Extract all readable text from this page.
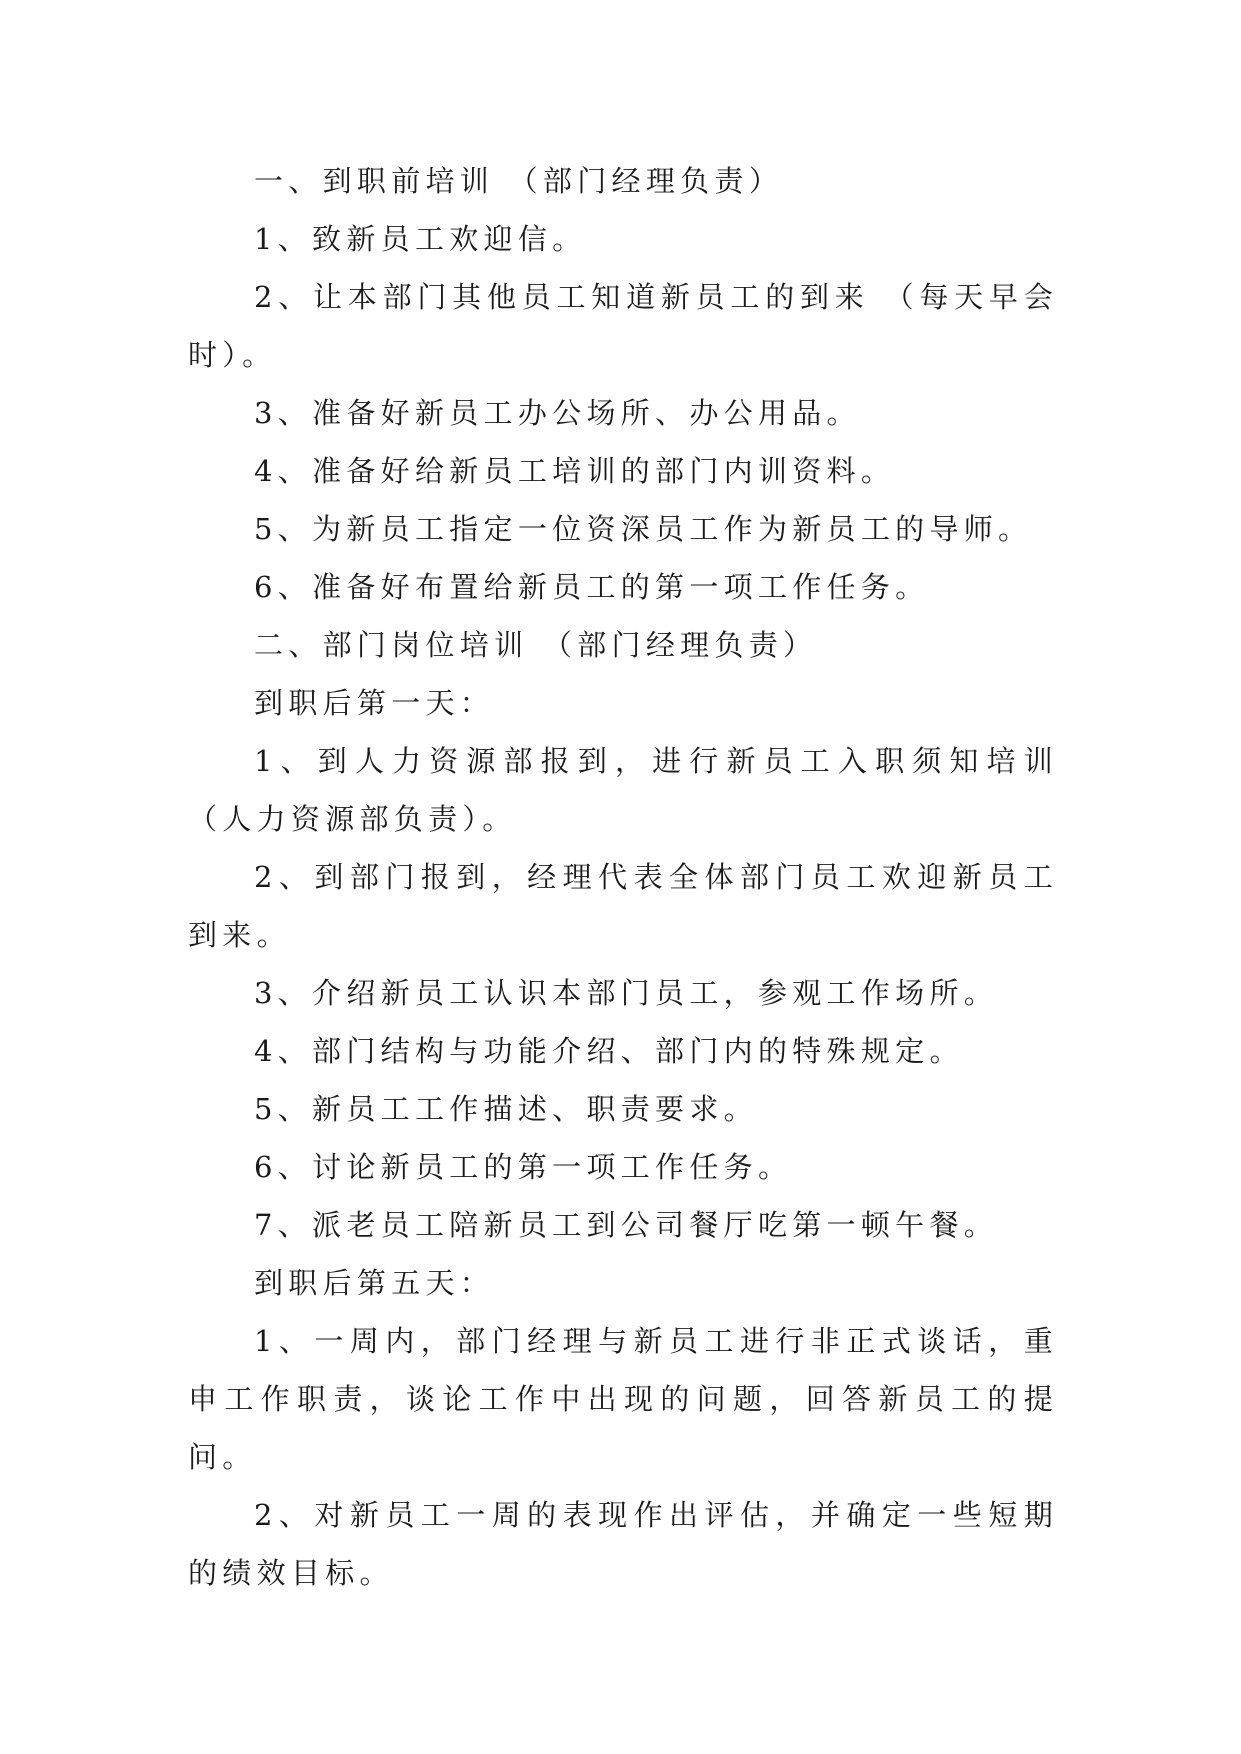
一、到职前培训 （部门经理负责）

1、致新员工欢迎信。

2、让本部门其他员工知道新员工的到来 （每天早会时）。

3、准备好新员工办公场所、办公用品。

4、准备好给新员工培训的部门内训资料。

5、为新员工指定一位资深员工作为新员工的导师。

6、准备好布置给新员工的第一项工作任务。

二、部门岗位培训 （部门经理负责）

到职后第一天：

1、到人力资源部报到，进行新员工入职须知培训（人力资源部负责）。

2、到部门报到，经理代表全体部门员工欢迎新员工到来。

3、介绍新员工认识本部门员工，参观工作场所。

4、部门结构与功能介绍、部门内的特殊规定。

5、新员工工作描述、职责要求。

6、讨论新员工的第一项工作任务。

7、派老员工陪新员工到公司餐厅吃第一顿午餐。

到职后第五天：

1、一周内，部门经理与新员工进行非正式谈话，重申工作职责，谈论工作中出现的问题，回答新员工的提问。

2、对新员工一周的表现作出评估，并确定一些短期的绩效目标。
